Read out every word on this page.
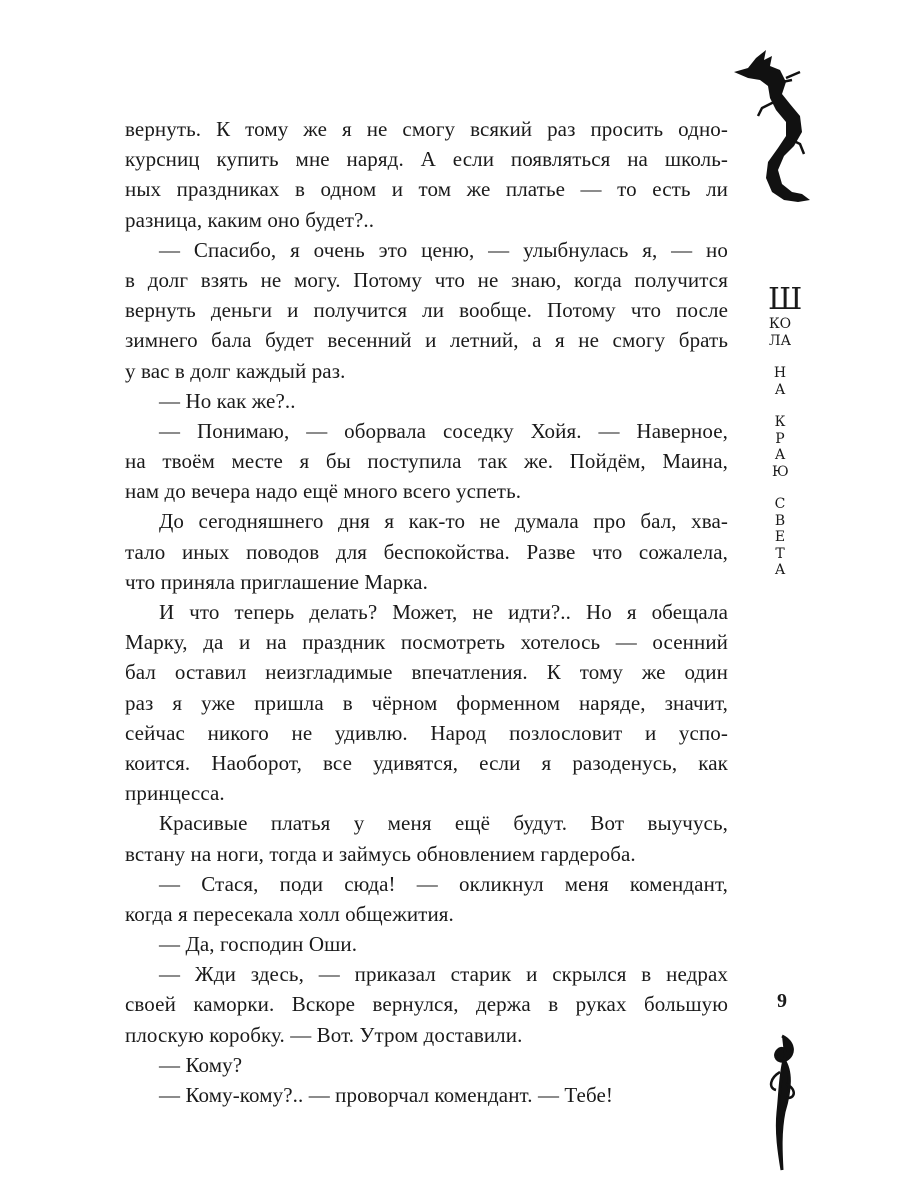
вернуть. К тому же я не смогу всякий раз просить одно-
курсниц купить мне наряд. А если появляться на школь-
ных праздниках в одном и том же платье — то есть ли
разница, каким оно будет?..
— Спасибо, я очень это ценю, — улыбнулась я, — но
в долг взять не могу. Потому что не знаю, когда получится
вернуть деньги и получится ли вообще. Потому что после
зимнего бала будет весенний и летний, а я не смогу брать
у вас в долг каждый раз.
— Но как же?..
— Понимаю, — оборвала соседку Хойя. — Наверное,
на твоём месте я бы поступила так же. Пойдём, Маина,
нам до вечера надо ещё много всего успеть.
До сегодняшнего дня я как-то не думала про бал, хва-
тало иных поводов для беспокойства. Разве что сожалела,
что приняла приглашение Марка.
И что теперь делать? Может, не идти?.. Но я обещала
Марку, да и на праздник посмотреть хотелось — осенний
бал оставил неизгладимые впечатления. К тому же один
раз я уже пришла в чёрном форменном наряде, значит,
сейчас никого не удивлю. Народ позлословит и успо-
коится. Наоборот, все удивятся, если я разоденусь, как
принцесса.
Красивые платья у меня ещё будут. Вот выучусь,
встану на ноги, тогда и займусь обновлением гардероба.
— Стася, поди сюда! — окликнул меня комендант,
когда я пересекала холл общежития.
— Да, господин Оши.
— Жди здесь, — приказал старик и скрылся в недрах
своей каморки. Вскоре вернулся, держа в руках большую
плоскую коробку. — Вот. Утром доставили.
— Кому?
— Кому-кому?.. — проворчал комендант. — Тебе!
ШКОЛА
НА
КРАЮ
СВЕТА
9
